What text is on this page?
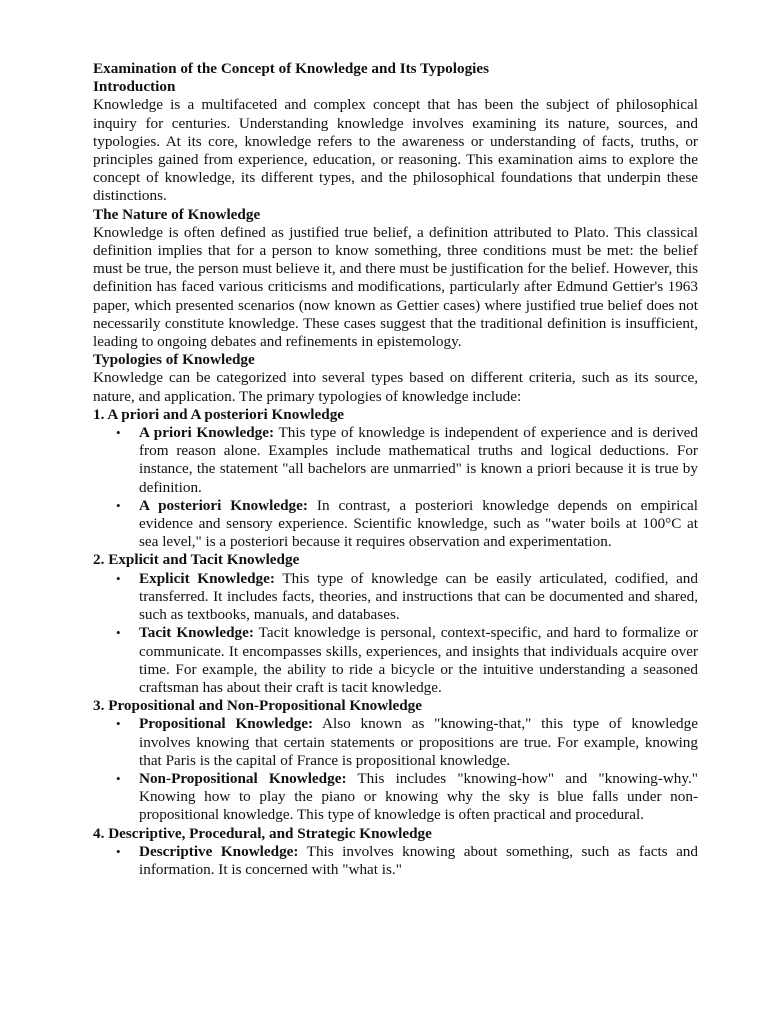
Examination of the Concept of Knowledge and Its Typologies

Introduction

Knowledge is a multifaceted and complex concept that has been the subject of philosophical inquiry for centuries. Understanding knowledge involves examining its nature, sources, and typologies. At its core, knowledge refers to the awareness or understanding of facts, truths, or principles gained from experience, education, or reasoning. This examination aims to explore the concept of knowledge, its different types, and the philosophical foundations that underpin these distinctions.

The Nature of Knowledge

Knowledge is often defined as justified true belief, a definition attributed to Plato. This classical definition implies that for a person to know something, three conditions must be met: the belief must be true, the person must believe it, and there must be justification for the belief. However, this definition has faced various criticisms and modifications, particularly after Edmund Gettier's 1963 paper, which presented scenarios (now known as Gettier cases) where justified true belief does not necessarily constitute knowledge. These cases suggest that the traditional definition is insufficient, leading to ongoing debates and refinements in epistemology.

Typologies of Knowledge

Knowledge can be categorized into several types based on different criteria, such as its source, nature, and application. The primary typologies of knowledge include:

1. A priori and A posteriori Knowledge

• A priori Knowledge: This type of knowledge is independent of experience and is derived from reason alone. Examples include mathematical truths and logical deductions. For instance, the statement "all bachelors are unmarried" is known a priori because it is true by definition.
• A posteriori Knowledge: In contrast, a posteriori knowledge depends on empirical evidence and sensory experience. Scientific knowledge, such as "water boils at 100°C at sea level," is a posteriori because it requires observation and experimentation.

2. Explicit and Tacit Knowledge

• Explicit Knowledge: This type of knowledge can be easily articulated, codified, and transferred. It includes facts, theories, and instructions that can be documented and shared, such as textbooks, manuals, and databases.
• Tacit Knowledge: Tacit knowledge is personal, context-specific, and hard to formalize or communicate. It encompasses skills, experiences, and insights that individuals acquire over time. For example, the ability to ride a bicycle or the intuitive understanding a seasoned craftsman has about their craft is tacit knowledge.

3. Propositional and Non-Propositional Knowledge

• Propositional Knowledge: Also known as "knowing-that," this type of knowledge involves knowing that certain statements or propositions are true. For example, knowing that Paris is the capital of France is propositional knowledge.
• Non-Propositional Knowledge: This includes "knowing-how" and "knowing-why." Knowing how to play the piano or knowing why the sky is blue falls under non-propositional knowledge. This type of knowledge is often practical and procedural.

4. Descriptive, Procedural, and Strategic Knowledge

• Descriptive Knowledge: This involves knowing about something, such as facts and information. It is concerned with "what is."
